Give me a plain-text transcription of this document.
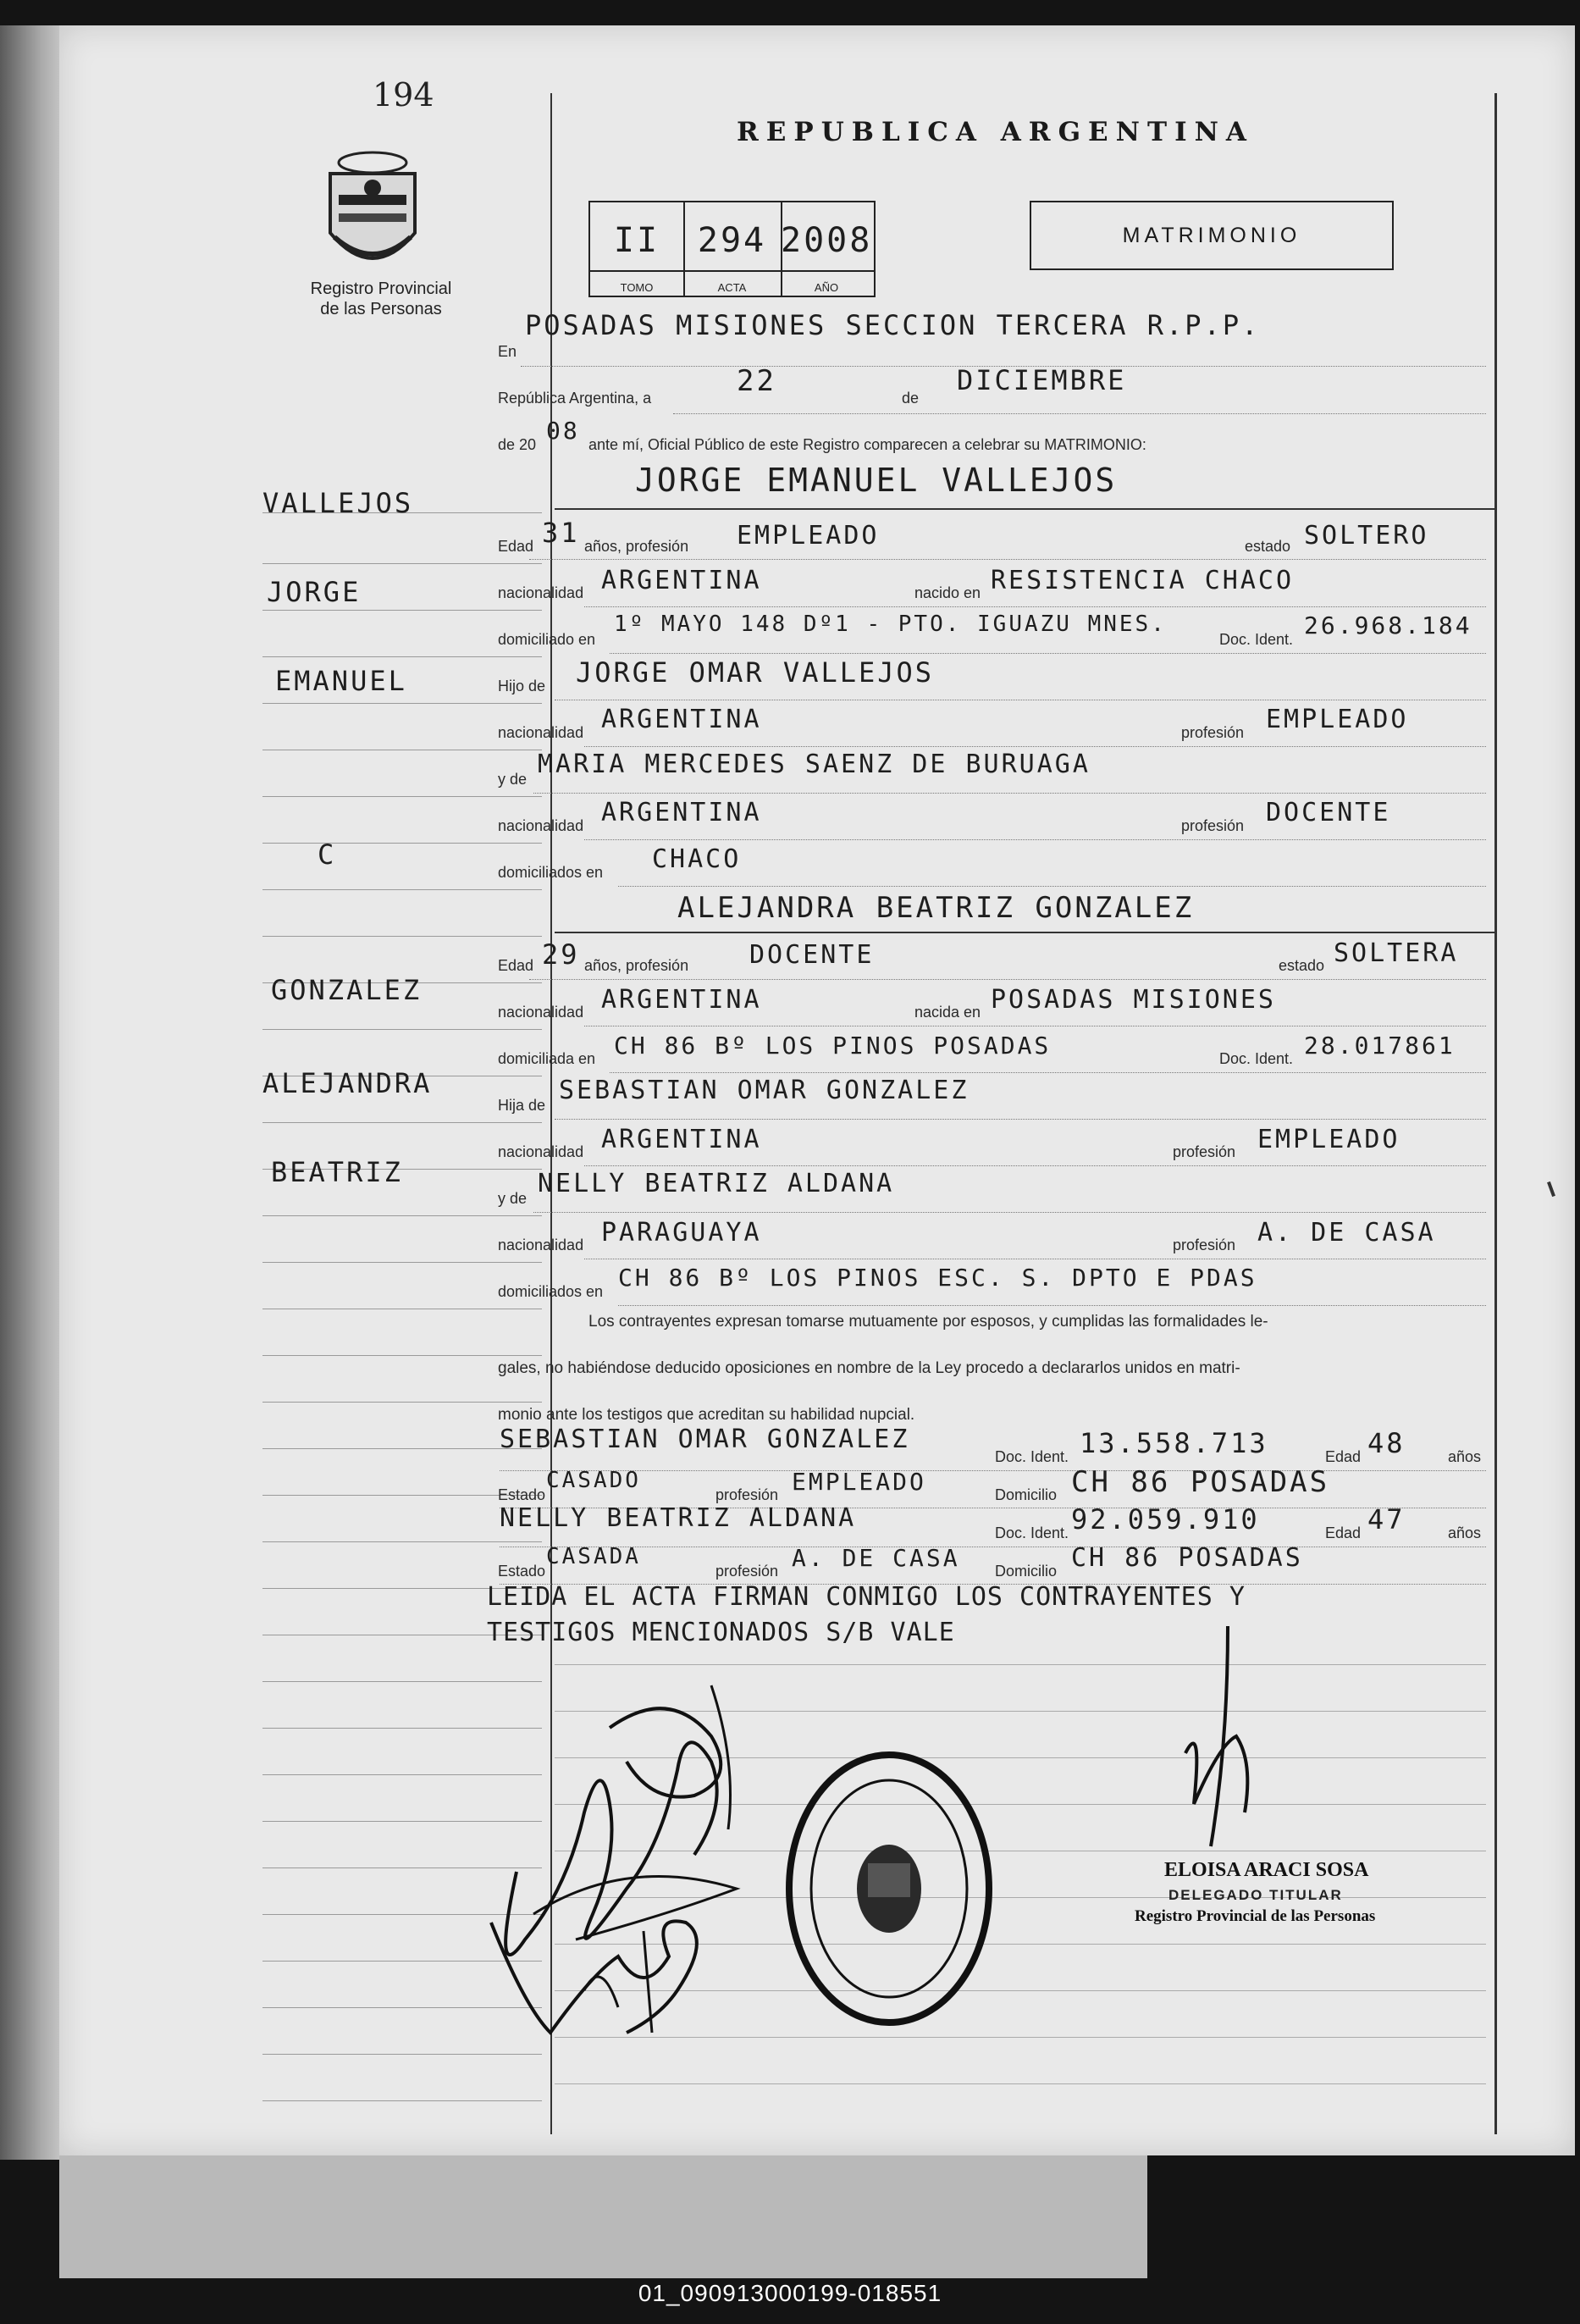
194
Registro Provincial
de las Personas
REPUBLICA ARGENTINA
MATRIMONIO
II
TOMO
294
ACTA
2008
AÑO
VALLEJOS
JORGE
EMANUEL
C
GONZALEZ
ALEJANDRA
BEATRIZ
En
POSADAS MISIONES SECCION TERCERA R.P.P.
República Argentina, a	22	de
DICIEMBRE
de 20 08 ante mí, Oficial Público de este Registro comparecen a celebrar su MATRIMONIO:
JORGE EMANUEL VALLEJOS
Edad 31 años, profesión EMPLEADO	estado SOLTERO
nacionalidad ARGENTINA	nacido en RESISTENCIA CHACO
domiciliado en
1º MAYO 148 Dº1 - PTO. IGUAZU MNES.
Doc. Ident. 26.968.184
Hijo de JORGE OMAR VALLEJOS
nacionalidad ARGENTINA	profesión EMPLEADO
y de MARIA MERCEDES SAENZ DE BURUAGA
nacionalidad ARGENTINA	profesión DOCENTE
domiciliados en CHACO
ALEJANDRA BEATRIZ GONZALEZ
Edad 29 años, profesión DOCENTE	estado SOLTERA
nacionalidad ARGENTINA	nacida en POSADAS MISIONES
domiciliada en CH 86 Bº LOS PINOS POSADAS	Doc. Ident. 28.017861
Hija de SEBASTIAN OMAR GONZALEZ
nacionalidad ARGENTINA	profesión EMPLEADO
y de NELLY BEATRIZ ALDANA
nacionalidad PARAGUAYA	profesión A. DE CASA
domiciliados en CH 86 Bº LOS PINOS ESC. S. DPTO E PDAS
Los contrayentes expresan tomarse mutuamente por esposos, y cumplidas las formalidades le-
gales, no habiéndose deducido oposiciones en nombre de la Ley procedo a declararlos unidos en matri-
monio ante los testigos que acreditan su habilidad nupcial.
SEBASTIAN OMAR GONZALEZ
Doc. Ident. 13.558.713	Edad 48	años
Estado
CASADO
profesión EMPLEADO	Domicilio CH 86 POSADAS
NELLY BEATRIZ ALDANA	Doc. Ident. 92.059.910	Edad 47	años
Estado
CASADA
profesión A. DE CASA Domicilio CH 86 POSADAS
LEIDA EL ACTA FIRMAN CONMIGO LOS CONTRAYENTES Y
TESTIGOS MENCIONADOS S/B VALE
ELOISA ARACI SOSA
DELEGADO TITULAR
Registro Provincial de las Personas
01_090913000199-018551
